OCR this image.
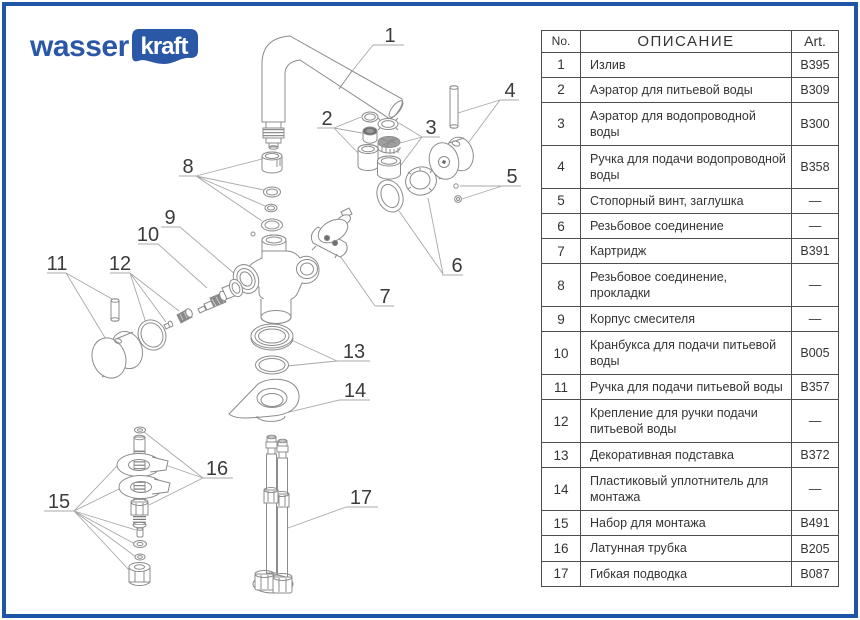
wasser kraft	1
2	3
4
5
6
7
8
9
10
11 12
13
14
15
16
17
No.	ОПИСАНИЕ	Art.
1	Излив	B395
2	Аэратор для питьевой воды	B309
3	Аэратор для водопроводной воды	B300
4	Ручка для подачи водопроводной воды	B358
5	Стопорный винт, заглушка	—
6	Резьбовое соединение	—
7	Картридж	B391
8	Резьбовое соединение, прокладки	—
9	Корпус смесителя	—
10	Кранбукса для подачи питьевой воды	B005
11	Ручка для подачи питьевой воды	B357
12	Крепление для ручки подачи питьевой воды	—
13	Декоративная подставка	B372
14	Пластиковый уплотнитель для монтажа	—
15	Набор для монтажа	B491
16	Латунная трубка	B205
17	Гибкая подводка	B087
